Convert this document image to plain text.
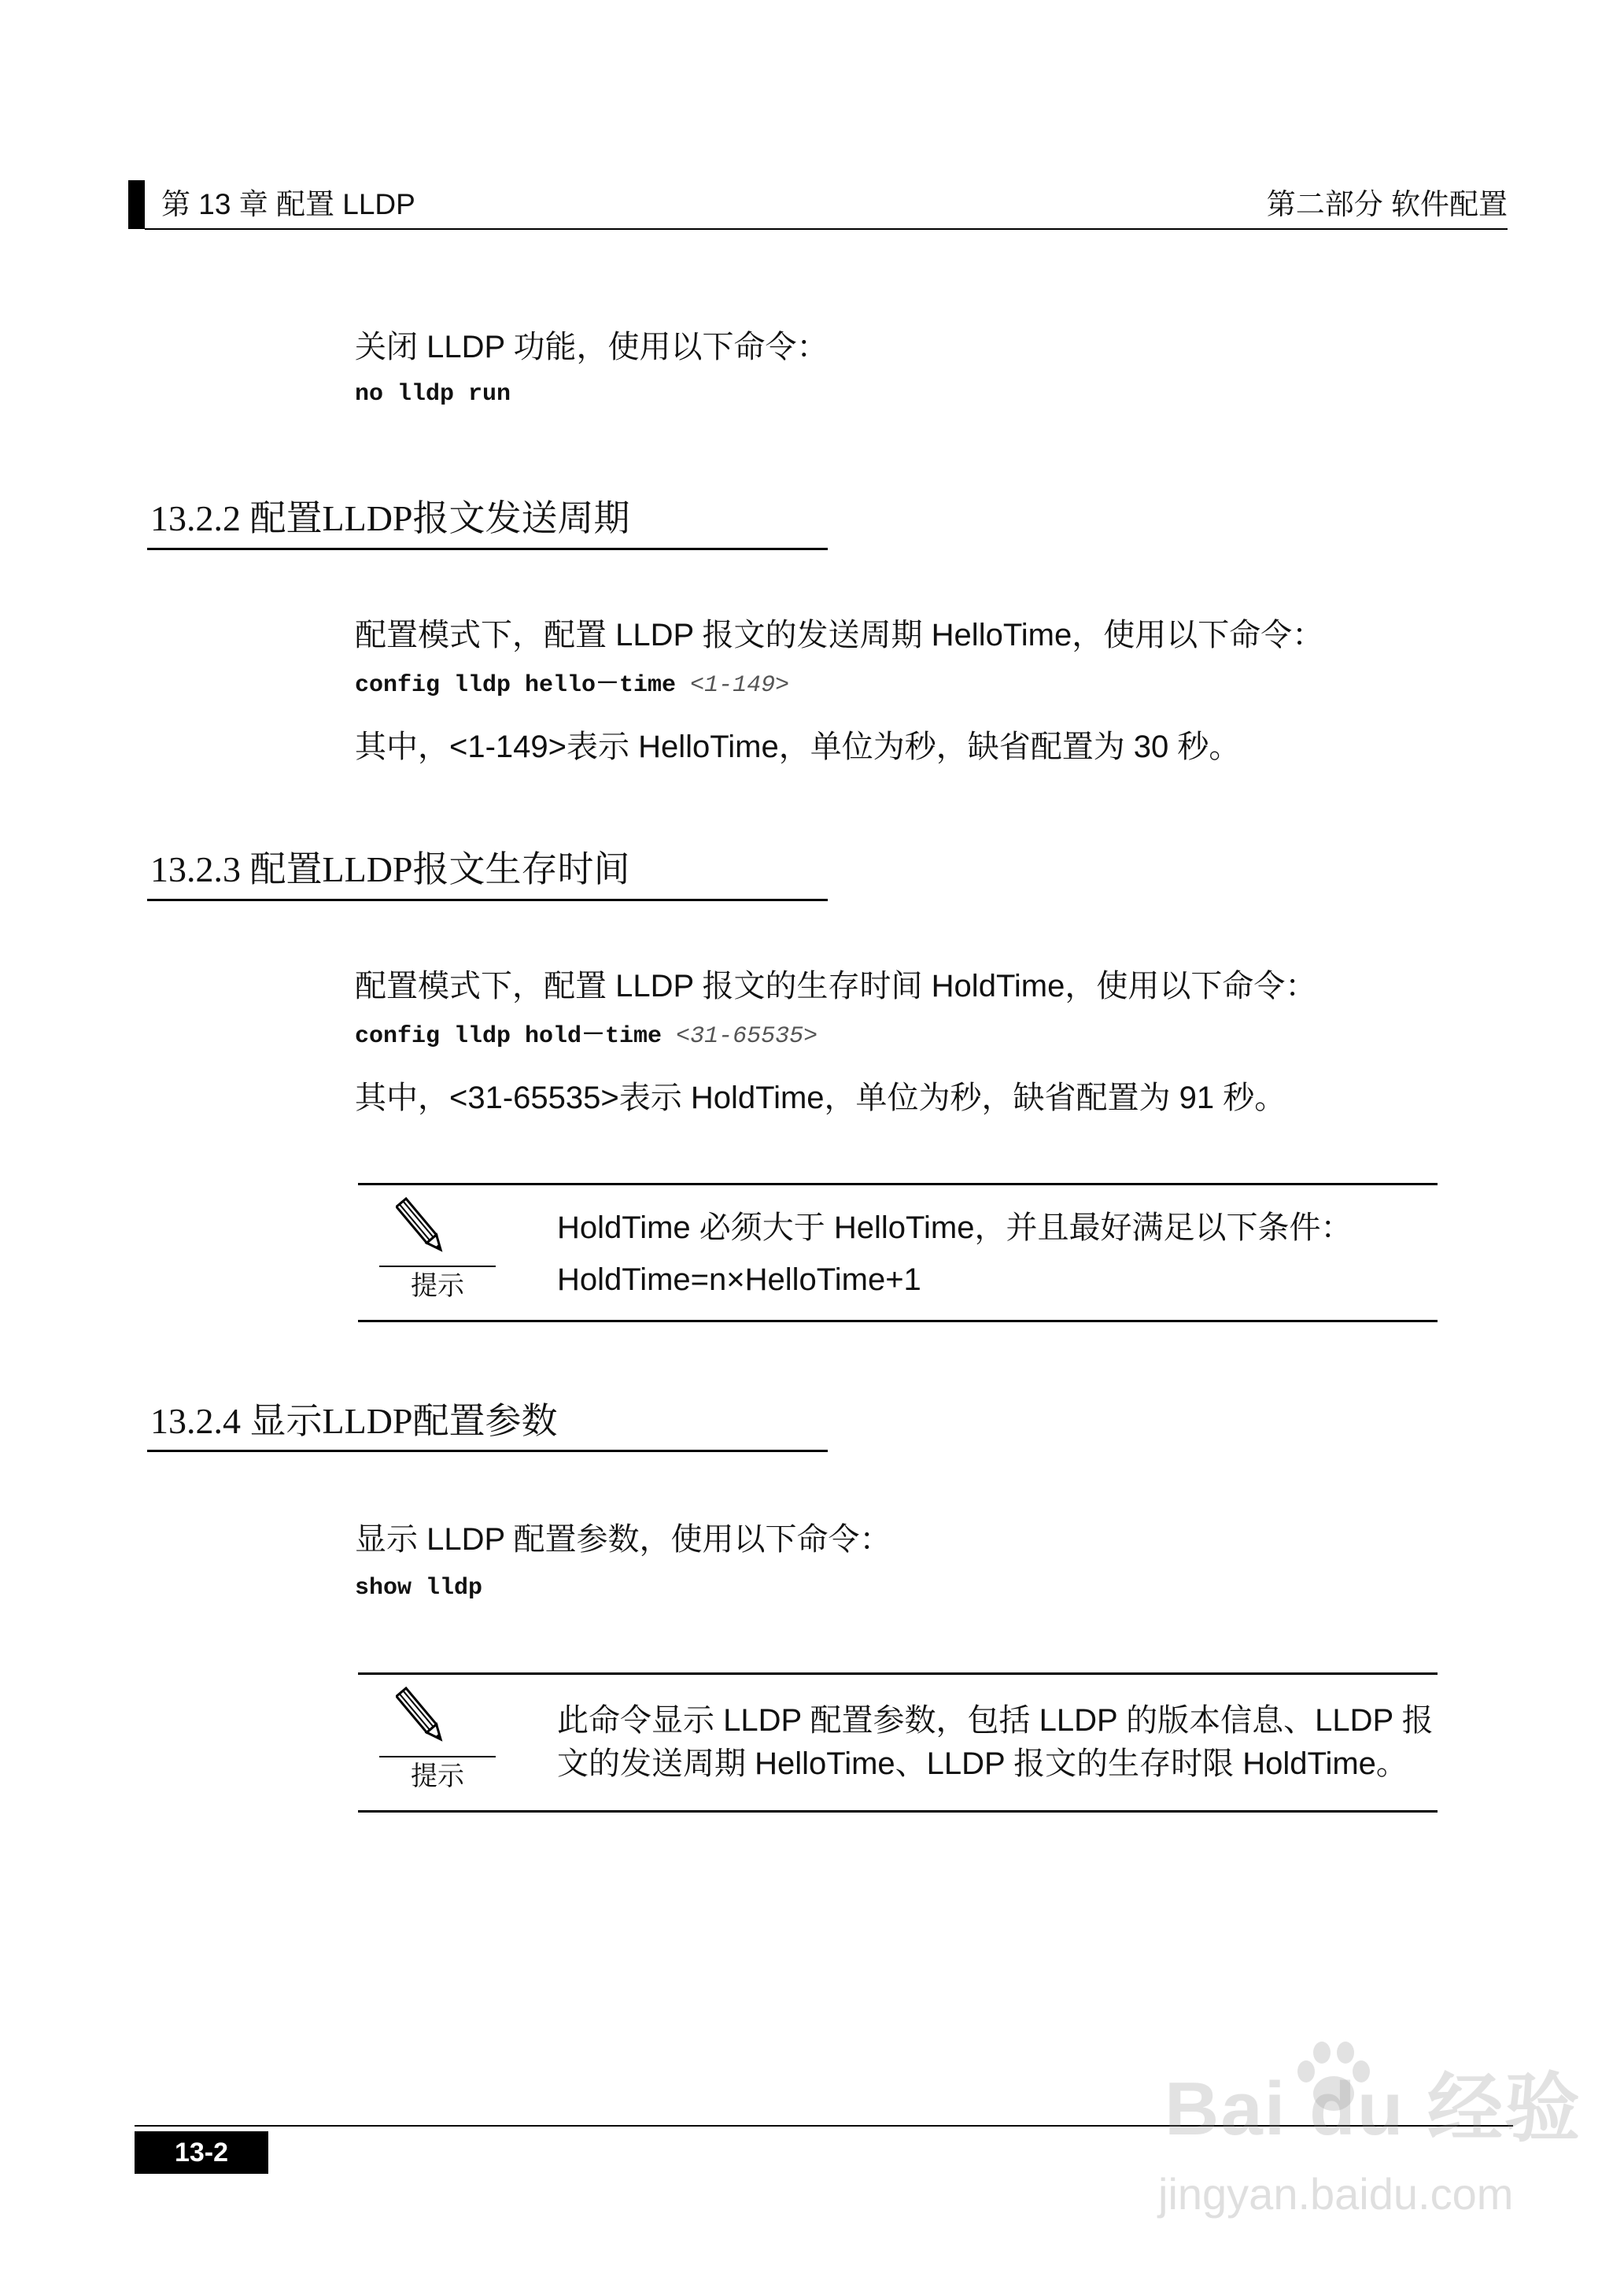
第 13 章 配置 LLDP	第二部分 软件配置
关闭 LLDP 功能，使用以下命令：
no lldp run
13.2.2 配置LLDP报文发送周期
配置模式下，配置 LLDP 报文的发送周期 HelloTime，使用以下命令：
config lldp hello－time <1-149>
其中，<1-149>表示 HelloTime，单位为秒，缺省配置为 30 秒。
13.2.3 配置LLDP报文生存时间
配置模式下，配置 LLDP 报文的生存时间 HoldTime，使用以下命令：
config lldp hold－time <31-65535>
其中，<31-65535>表示 HoldTime，单位为秒，缺省配置为 91 秒。
提示
HoldTime 必须大于 HelloTime，并且最好满足以下条件：
HoldTime=n×HelloTime+1
13.2.4 显示LLDP配置参数
显示 LLDP 配置参数，使用以下命令：
show lldp
提示
此命令显示 LLDP 配置参数，包括 LLDP 的版本信息、LLDP 报
文的发送周期 HelloTime、LLDP 报文的生存时限 HoldTime。
13-2
Bai du 经验
jingyan.baidu.com
